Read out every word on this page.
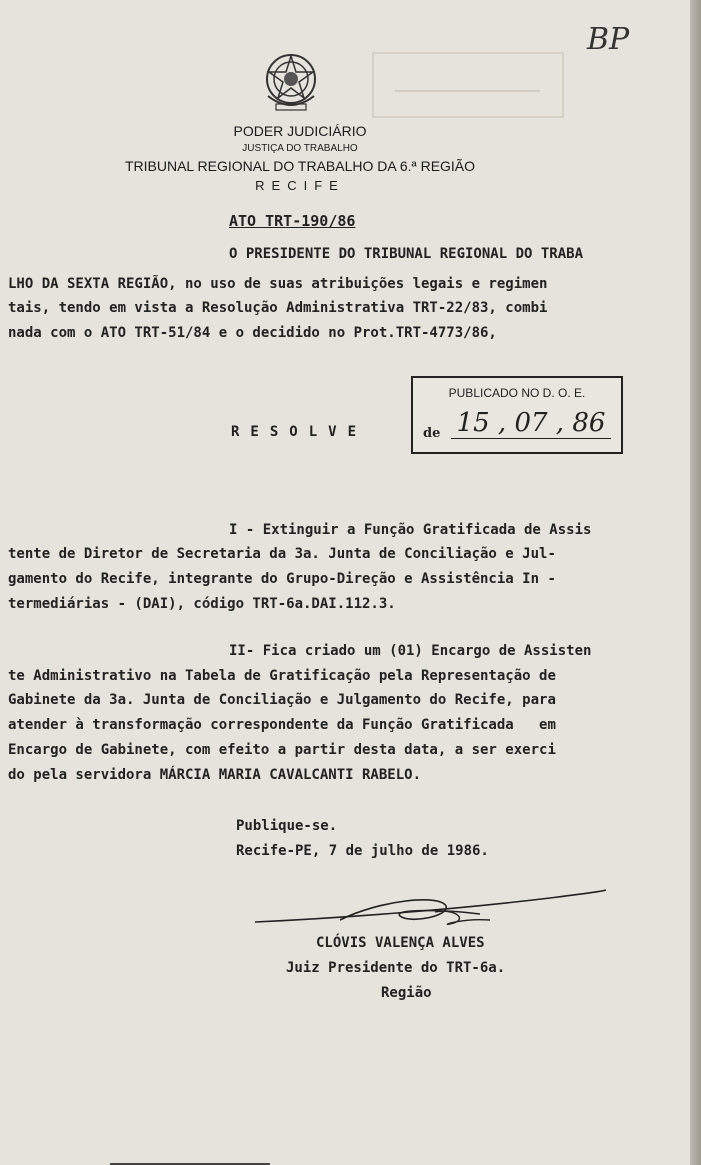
BP
PODER JUDICIÁRIO
JUSTIÇA DO TRABALHO
TRIBUNAL REGIONAL DO TRABALHO DA 6.ª REGIÃO
RECIFE
ATO TRT-190/86
O PRESIDENTE DO TRIBUNAL REGIONAL DO TRABA
LHO DA SEXTA REGIÃO, no uso de suas atribuições legais e regimen
tais, tendo em vista a Resolução Administrativa TRT-22/83, combi
nada com o ATO TRT-51/84 e o decidido no Prot.TRT-4773/86,
PUBLICADO NO D. O. E.
de 15 , 07 , 86
RESOLVE
I - Extinguir a Função Gratificada de Assis
tente de Diretor de Secretaria da 3a. Junta de Conciliação e Jul-
gamento do Recife, integrante do Grupo-Direção e Assistência In -
termediárias - (DAI), código TRT-6a.DAI.112.3.
II- Fica criado um (01) Encargo de Assisten
te Administrativo na Tabela de Gratificação pela Representação de
Gabinete da 3a. Junta de Conciliação e Julgamento do Recife, para
atender à transformação correspondente da Função Gratificada   em
Encargo de Gabinete, com efeito a partir desta data, a ser exerci
do pela servidora MÁRCIA MARIA CAVALCANTI RABELO.
Publique-se.
Recife-PE, 7 de julho de 1986.
CLÓVIS VALENÇA ALVES
Juiz Presidente do TRT-6a.
Região
